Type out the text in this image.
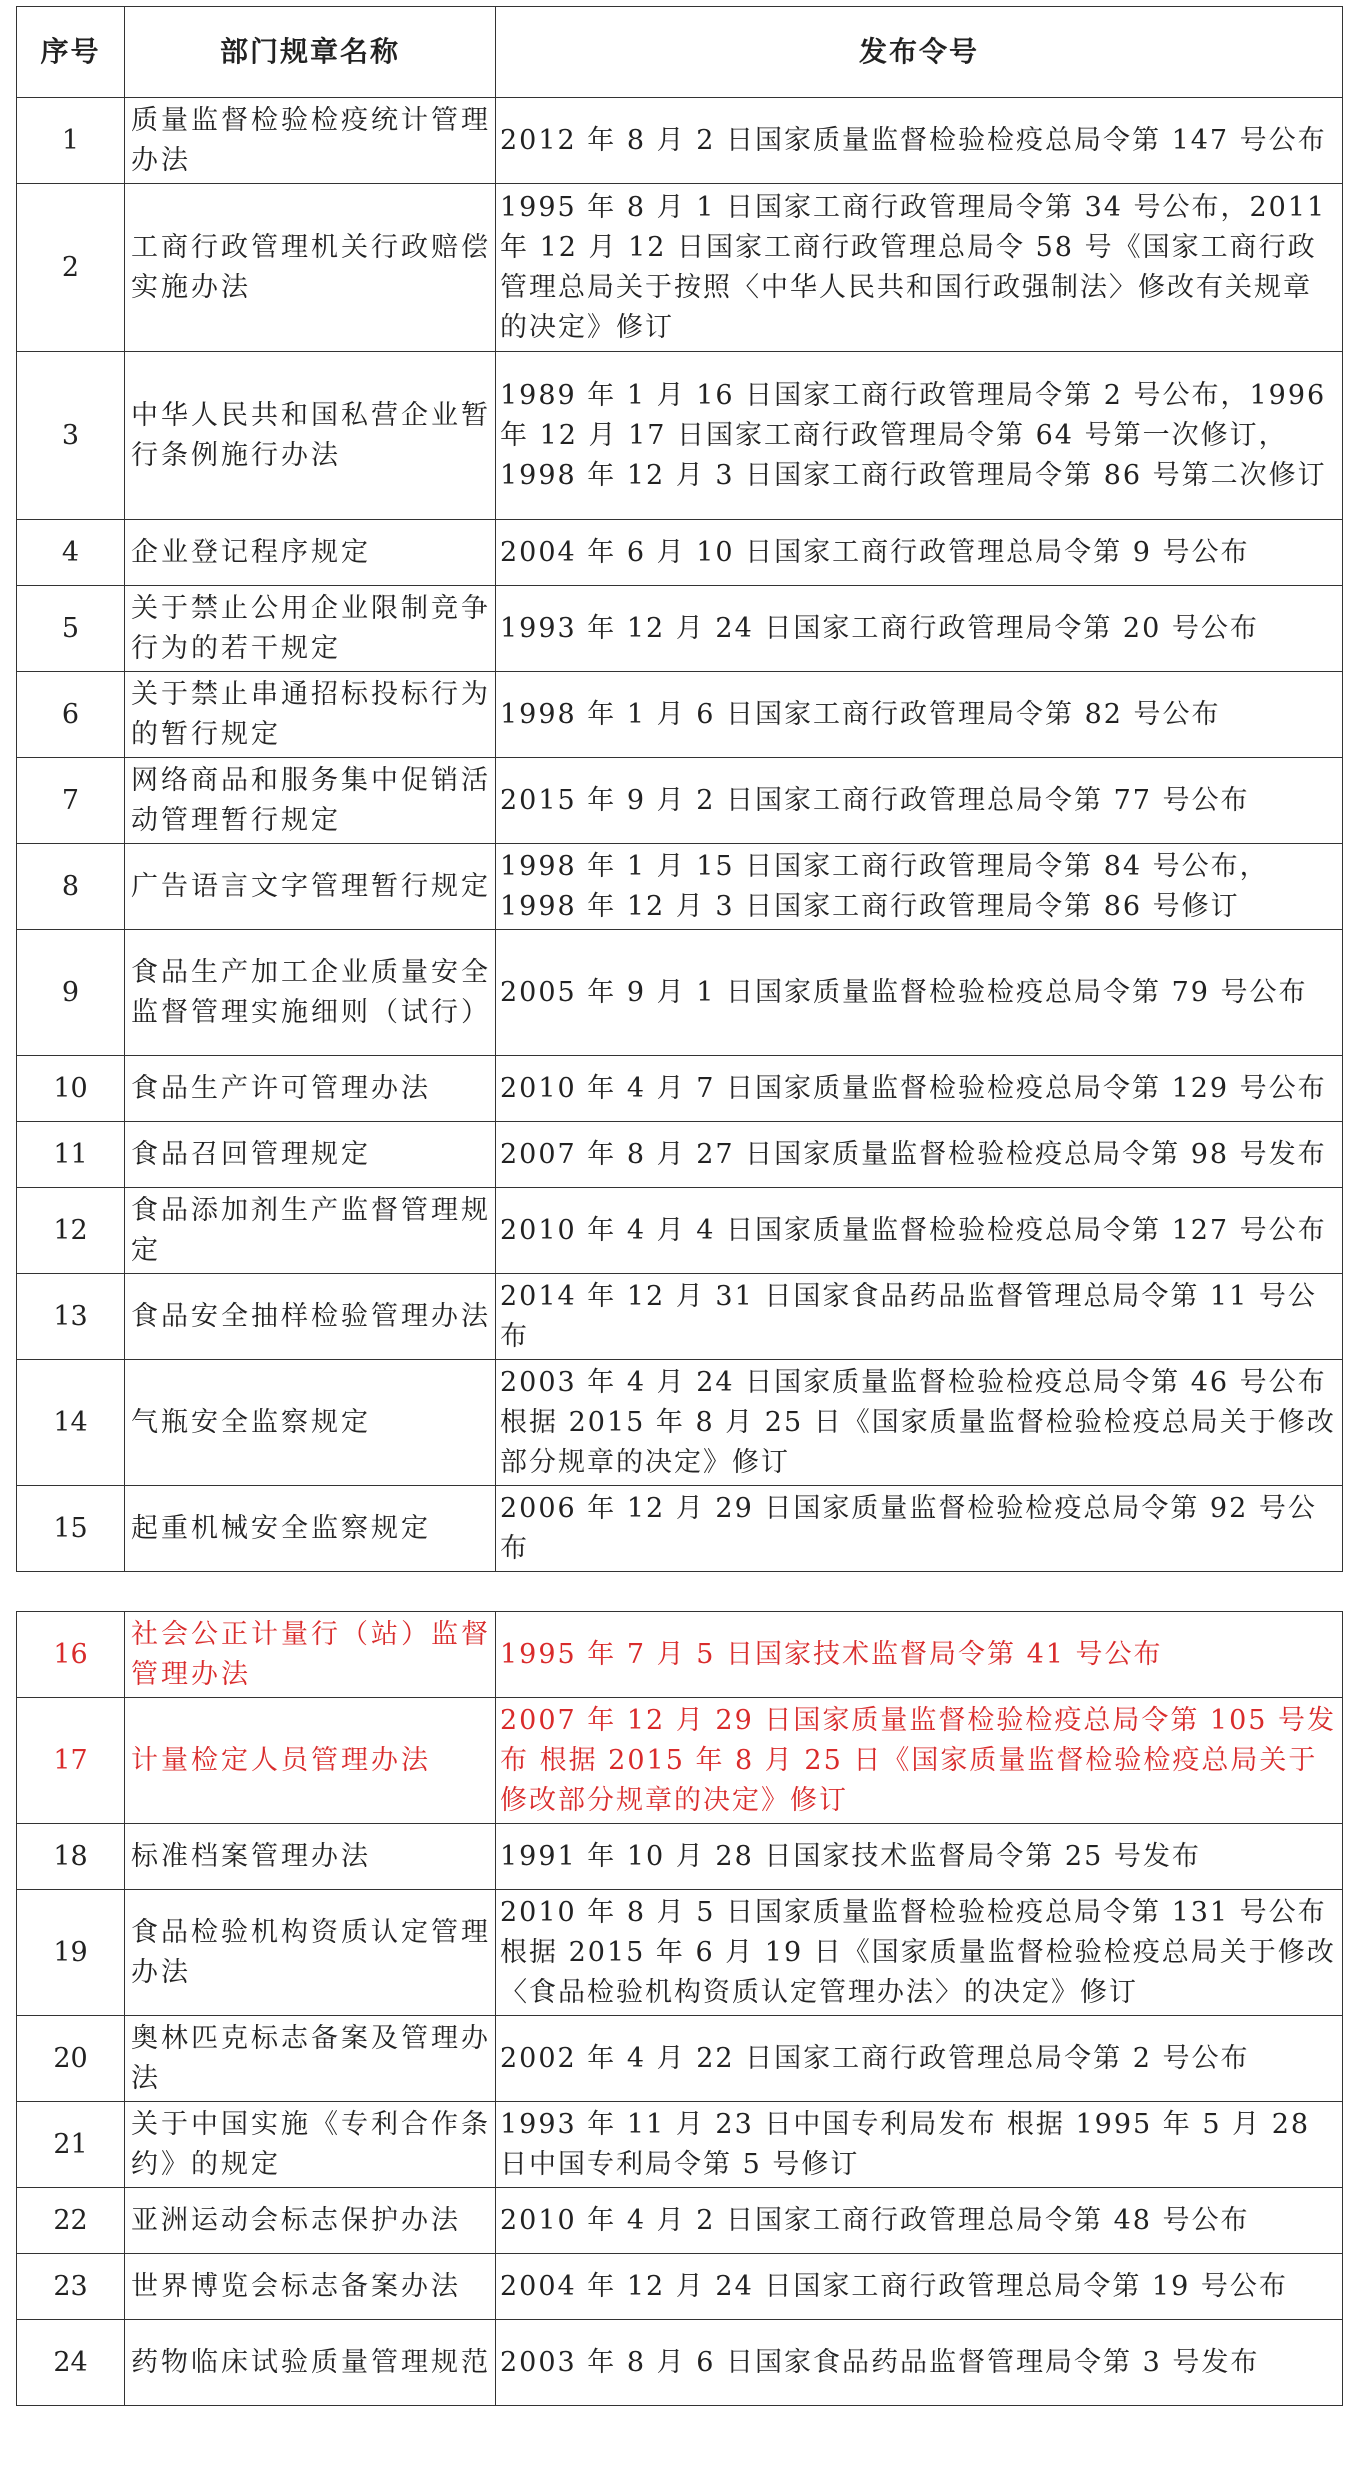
序号	部门规章名称	发布令号
1	质量监督检验检疫统计管理办法	2012 年 8 月 2 日国家质量监督检验检疫总局令第 147 号公布
2	工商行政管理机关行政赔偿实施办法	1995 年 8 月 1 日国家工商行政管理局令第 34 号公布，2011 年 12 月 12 日国家工商行政管理总局令 58 号《国家工商行政管理总局关于按照〈中华人民共和国行政强制法〉修改有关规章的决定》修订
3	中华人民共和国私营企业暂行条例施行办法	1989 年 1 月 16 日国家工商行政管理局令第 2 号公布，1996 年 12 月 17 日国家工商行政管理局令第 64 号第一次修订，1998 年 12 月 3 日国家工商行政管理局令第 86 号第二次修订
4	企业登记程序规定	2004 年 6 月 10 日国家工商行政管理总局令第 9 号公布
5	关于禁止公用企业限制竞争行为的若干规定	1993 年 12 月 24 日国家工商行政管理局令第 20 号公布
6	关于禁止串通招标投标行为的暂行规定	1998 年 1 月 6 日国家工商行政管理局令第 82 号公布
7	网络商品和服务集中促销活动管理暂行规定	2015 年 9 月 2 日国家工商行政管理总局令第 77 号公布
8	广告语言文字管理暂行规定	1998 年 1 月 15 日国家工商行政管理局令第 84 号公布，1998 年 12 月 3 日国家工商行政管理局令第 86 号修订
9	食品生产加工企业质量安全监督管理实施细则（试行）	2005 年 9 月 1 日国家质量监督检验检疫总局令第 79 号公布
10	食品生产许可管理办法	2010 年 4 月 7 日国家质量监督检验检疫总局令第 129 号公布
11	食品召回管理规定	2007 年 8 月 27 日国家质量监督检验检疫总局令第 98 号发布
12	食品添加剂生产监督管理规定	2010 年 4 月 4 日国家质量监督检验检疫总局令第 127 号公布
13	食品安全抽样检验管理办法	2014 年 12 月 31 日国家食品药品监督管理总局令第 11 号公布
14	气瓶安全监察规定	2003 年 4 月 24 日国家质量监督检验检疫总局令第 46 号公布 根据 2015 年 8 月 25 日《国家质量监督检验检疫总局关于修改部分规章的决定》修订
15	起重机械安全监察规定	2006 年 12 月 29 日国家质量监督检验检疫总局令第 92 号公布
16	社会公正计量行（站）监督管理办法	1995 年 7 月 5 日国家技术监督局令第 41 号公布
17	计量检定人员管理办法	2007 年 12 月 29 日国家质量监督检验检疫总局令第 105 号发布 根据 2015 年 8 月 25 日《国家质量监督检验检疫总局关于修改部分规章的决定》修订
18	标准档案管理办法	1991 年 10 月 28 日国家技术监督局令第 25 号发布
19	食品检验机构资质认定管理办法	2010 年 8 月 5 日国家质量监督检验检疫总局令第 131 号公布 根据 2015 年 6 月 19 日《国家质量监督检验检疫总局关于修改〈食品检验机构资质认定管理办法〉的决定》修订
20	奥林匹克标志备案及管理办法	2002 年 4 月 22 日国家工商行政管理总局令第 2 号公布
21	关于中国实施《专利合作条约》的规定	1993 年 11 月 23 日中国专利局发布 根据 1995 年 5 月 28 日中国专利局令第 5 号修订
22	亚洲运动会标志保护办法	2010 年 4 月 2 日国家工商行政管理总局令第 48 号公布
23	世界博览会标志备案办法	2004 年 12 月 24 日国家工商行政管理总局令第 19 号公布
24	药物临床试验质量管理规范	2003 年 8 月 6 日国家食品药品监督管理局令第 3 号发布
